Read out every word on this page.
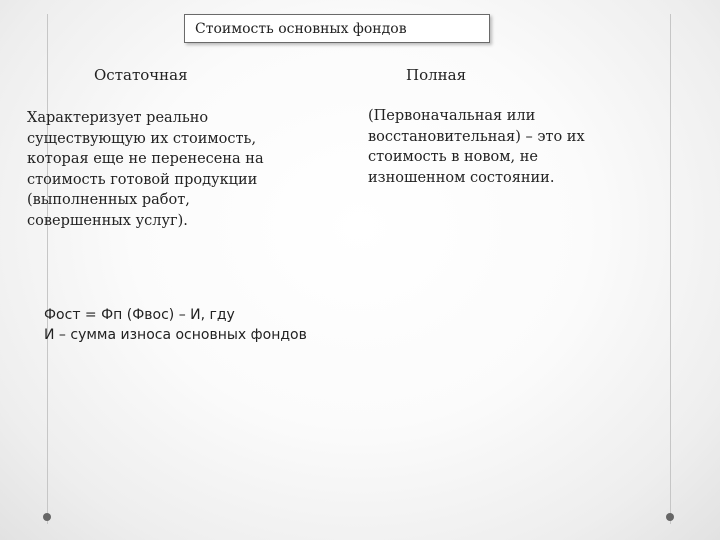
Стоимость основных фондов
Остаточная	Полная
Характеризует реально
существующую их стоимость,
которая еще не перенесена на
стоимость готовой продукции
(выполненных работ,
совершенных услуг).
(Первоначальная или
восстановительная) – это их
стоимость в новом, не
изношенном состоянии.
Фост = Фп (Фвос) – И, гду
И – сумма износа основных фондов
